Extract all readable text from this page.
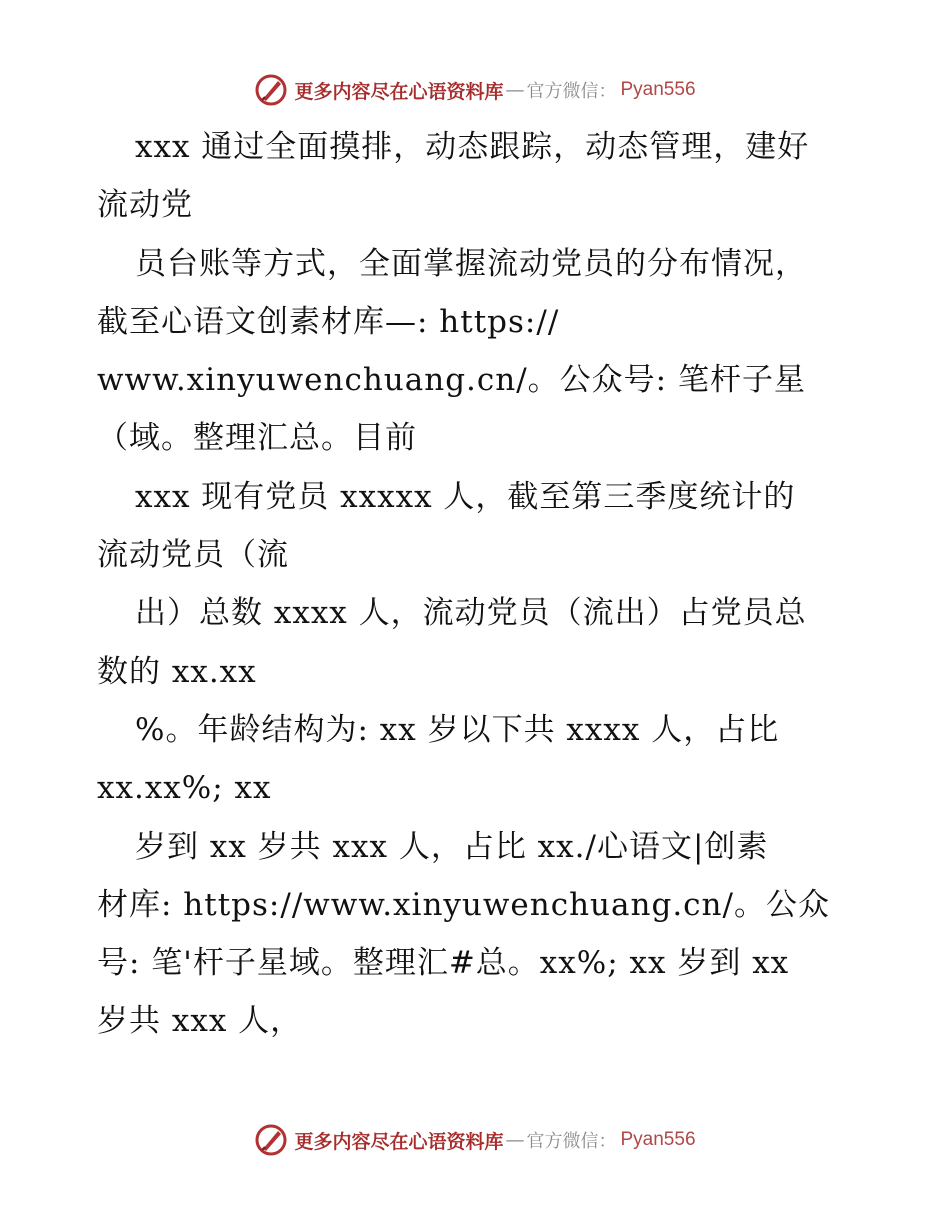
更多内容尽在心语资料库 — 官方微信： Pyan556
xxx 通过全面摸排，动态跟踪，动态管理，建好
流动党
员台账等方式，全面掌握流动党员的分布情况，
截至心语文创素材库—: https://
www.xinyuwenchuang.cn/。公众号: 笔杆子星
（域。整理汇总。目前
xxx 现有党员 xxxxx 人，截至第三季度统计的
流动党员（流
出）总数 xxxx 人，流动党员（流出）占党员总
数的 xx.xx
%。年龄结构为: xx 岁以下共 xxxx 人，占比
xx.xx%; xx
岁到 xx 岁共 xxx 人，占比 xx./心语文|创素
材库: https://www.xinyuwenchuang.cn/。公众
号: 笔'杆子星域。整理汇#总。xx%; xx 岁到 xx
岁共 xxx 人，
更多内容尽在心语资料库 — 官方微信： Pyan556
